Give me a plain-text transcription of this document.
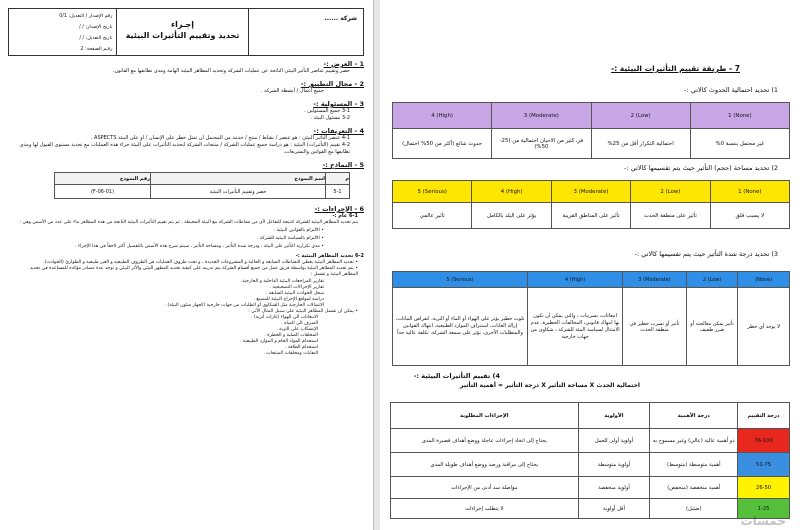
شركة ......
إجـراء
تحديد وتقييم التأثيرات البيئية
رقم الإصدار / التعديل: 0/1
تاريخ الإصدار: / /
تاريخ التعديل: / /
رقـم الصفحة: 2
1 - الغرض :-
حصر وتقييم عناصر التأثير البيئي الناتجة عن عمليات الشركة وتحديد المظاهر البيئية الهامة ومدى تطابقها مع القانون.
2 - مجال التطبيق :-
جميع أعمال / أنشطة الشركة .
3 - المسئولية :-
3-1 جميع المسئولين .
3-2 مسئول البيئة .
4 - التعريفات :-
4-1 عنصر التأثير البيئي : هو عنصر / نشاط / منتج / خدمة من المحتمل ان تمثل خطر على الإنسان / او على البيئة ASPECTS .
4-2 تقييم (التأثيرات) البيئية : هو دراسة جميع عمليات الشركة / منتجات الشركة لتحديد التأثيرات على البيئة جراء هذه العمليات مع تحديد مستوى القبول لها ومدى تطابقها مع القوانين والتشريعات.
5 - النماذج :-
م	اسم النموذج	رقم النموذج
5-1	حصر وتقييم التأثيرات البيئية	(F-06-01)
6 - الإجراءات :-
6-1 عام :-
يتم تحديد المظاهر البيئية للشركة كنتيجة للتفاعل لأي من نشاطات الشركة مع البيئة المحيطة ، ثم يتم تقييم التأثيرات البيئية الناتجة من هذه المظاهر بناء على عدد من الأسس وهي :
• الالتزام بالقوانين البيئية .
• الالتزام بالسياسة البيئية للشركة .
• مدى تكرارية التأثير على البيئة ، ودرجة شدة التأثير ، ومساحة التأثير ، سيتم شرح هذه الأسس بالتفصيل أكثر لاحقاً في هذا الإجراء .
6-2 تحديد المظاهر البيئية :-
• تحديد المظاهر البيئية يغطي النشاطات السابقة و الحالية و المشروعات الجديدة ، و تحت ظروف العمليات في الظروف الطبيعية و الغير طبيعية و الطوارئ (الحوادث).
• يتم تحديد المظاهر البيئية بواسطة فريق عمل من جميع أقسام الشركة يتم تدريبه على كيفية تحديد المظهر البيئي والأثر البيئي و توجد عدة مصادر مؤكدة للمساعدة في تحديد المظاهر البيئية و تشمل :
تقارير المراجعات البيئية الداخلية و الخارجية .
تقارير الإجراءات التصحيحية .
سجل الحوادث البيئية السابقة .
دراسة لمواقع الإخراج البيئية للمصنع .
الاتصالات الخارجية مثل الشكاوى أو الطلبات من جهات خارجية (كجهاز شئون البيئة) .
• يمكن ان تشمل المظاهر البيئية على سبيل المثال الآتي :
الانبعاثات الى الهواء (غازات أتربة) .
الصرف الى المياه .
الإنسكاب على التربة .
المخلفات الصلبة و الخطرة .
استخدام المواد الخام و الموارد الطبيعية .
استخدام الطاقة .
النفايات ومخلفات المنتجات .
7 - طريقة تقييم التأثيرات البيئية :-
1) تحديد احتمالية الحدوث كالاتي :-
(None) 1	(Low) 2	(Moderate) 3	(High) 4
غير محتمل بنسبة 0%	احتمالية التكرار أقل من 25%	في كثير من الاحيان احتمالية من (25-50%)	حدوث شائع (أكثر من 50% احتمال)
2) تحديد مساحة (حجم) التأثير حيث يتم تقسيمها كالاتي :-
(None) 1	(Low) 2	(Moderate) 3	(High) 4	(Serious) 5
لا يسبب قلق	تأثير على منطقة الحدث	تأثير على المناطق القريبة	يؤثر على البلد بالكامل	تأثير عالمي
3) تحديد درجة شدة التأثير حيث يتم تقسيمها كالاتي :-
(None)	(Low) 2	(Moderate) 3	(High) 4	(Serious) 5
لا يوجد أي خطر	تأثير يمكن معالجته أو ضرر طفيف	تأثير أو تسرب خطير في منطقة الحدث	انبعاثات، تسريبات ، والتي يمكن ان تكون بها انتهاك قانوني، المخالفات الخطيرة، عدم الامتثال لسياسة البيئة للشركة ، شكاوى من جهات خارجية	تلوث خطير يؤثر على الهواء أو الماء أو التربة، انقراض النباتات، إزالة الغابات، استنزاف الموارد الطبيعية، انتهاك القوانين والمتطلبات الأخرى، يؤثر على سمعة الشركة، تكلفة عالية جداً
4) تقييم التأثيرات البيئية :-
احتمالية الحدث X مساحة التأثير X درجة التأثير = أهمية التأثير
درجة التقييم	درجة الأهمية	الأولوية	الإجراءات المطلوبة
76-100	ذو أهمية عالية (عالي) وغير مسموح به	أولوية أولى للعمل	يحتاج إلى اتخاذ إجراءات عاجلة ووضع أهداف قصيرة المدى
51-75	أهمية متوسطة (متوسط)	أولوية متوسطة	يحتاج إلى مراقبة ورصد ووضع أهداف طويلة المدى
26-50	أهمية منخفضة (منخفض)	أولوية منخفضة	مواصلة سد أدنى من الإجراءات
1-25	(ضئيل)	أقل أولوية	لا يتطلب إجراءات
خمسات
